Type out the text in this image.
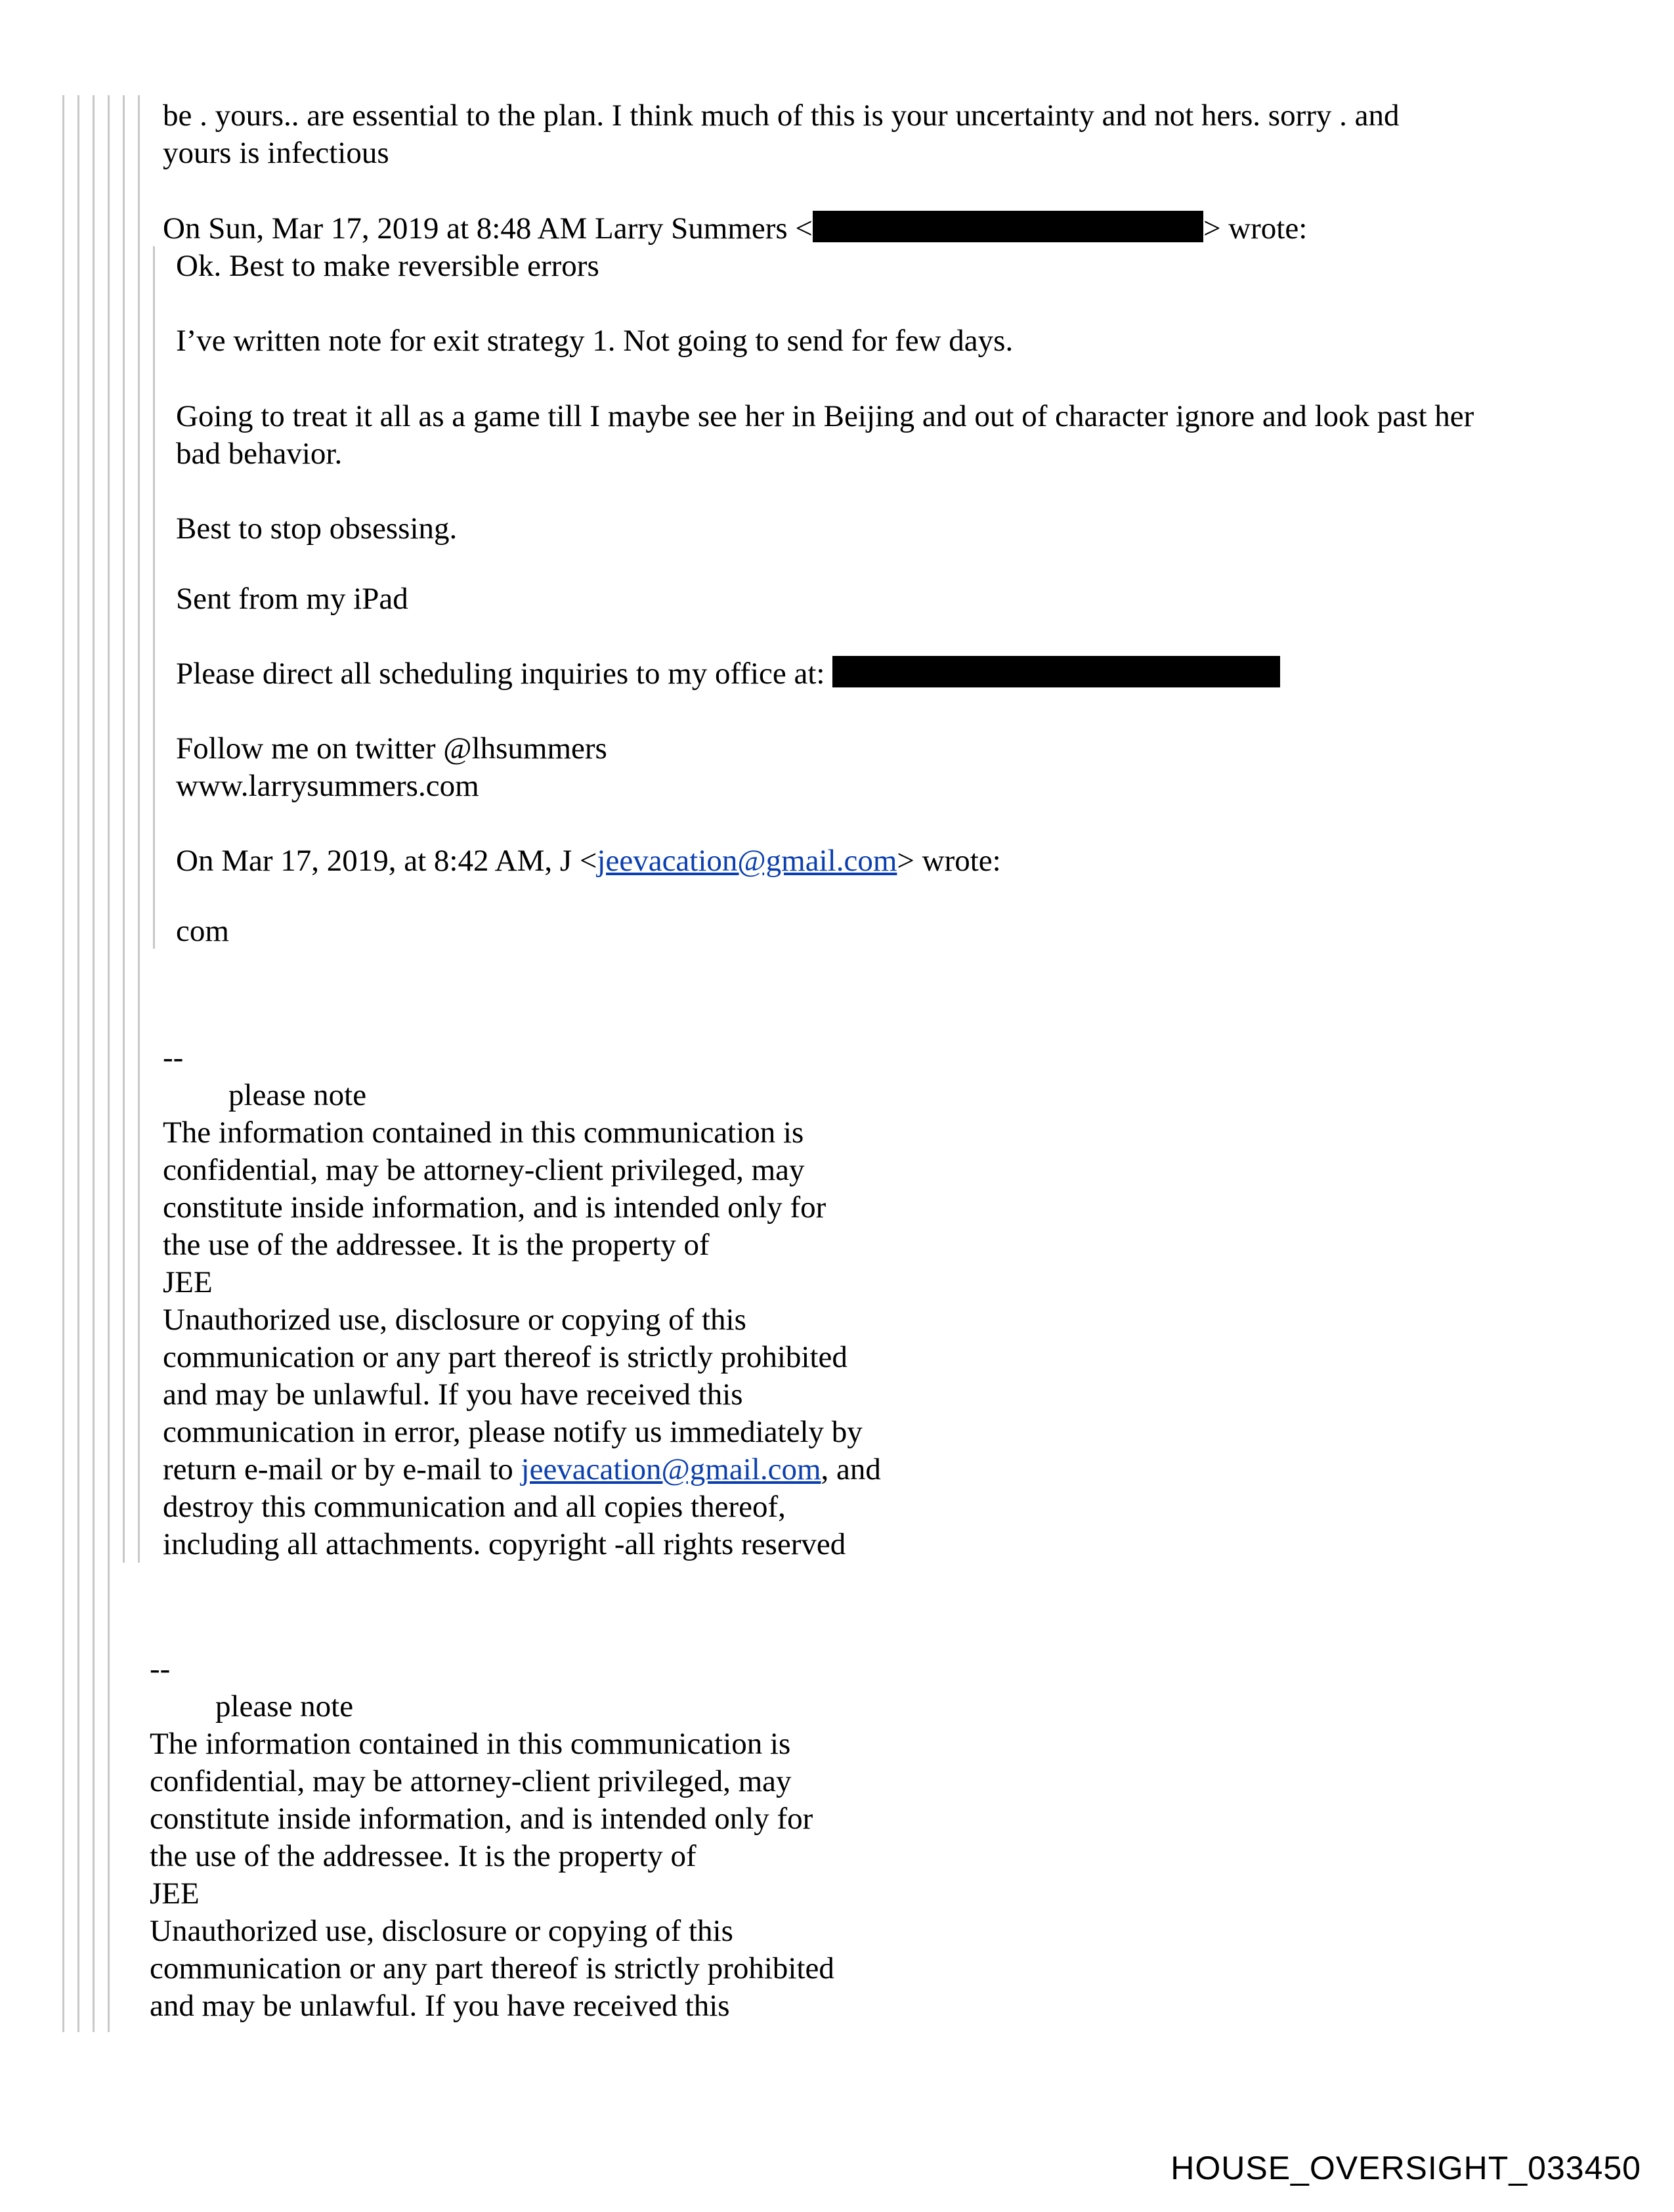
be . yours.. are essential to the plan. I think much of this is your uncertainty and not hers. sorry . and
yours is infectious
On Sun, Mar 17, 2019 at 8:48 AM Larry Summers <	> wrote:
Ok. Best to make reversible errors
I’ve written note for exit strategy 1. Not going to send for few days.
Going to treat it all as a game till I maybe see her in Beijing and out of character ignore and look past her
bad behavior.
Best to stop obsessing.
Sent from my iPad
Please direct all scheduling inquiries to my office at:
Follow me on twitter @lhsummers
www.larrysummers.com
On Mar 17, 2019, at 8:42 AM, J <jeevacation@gmail.com> wrote:
com
--
please note
The information contained in this communication is
confidential, may be attorney-client privileged, may
constitute inside information, and is intended only for
the use of the addressee. It is the property of
JEE
Unauthorized use, disclosure or copying of this
communication or any part thereof is strictly prohibited
and may be unlawful. If you have received this
communication in error, please notify us immediately by
return e-mail or by e-mail to jeevacation@gmail.com, and
destroy this communication and all copies thereof,
including all attachments. copyright -all rights reserved
--
please note
The information contained in this communication is
confidential, may be attorney-client privileged, may
constitute inside information, and is intended only for
the use of the addressee. It is the property of
JEE
Unauthorized use, disclosure or copying of this
communication or any part thereof is strictly prohibited
and may be unlawful. If you have received this
HOUSE_OVERSIGHT_033450
